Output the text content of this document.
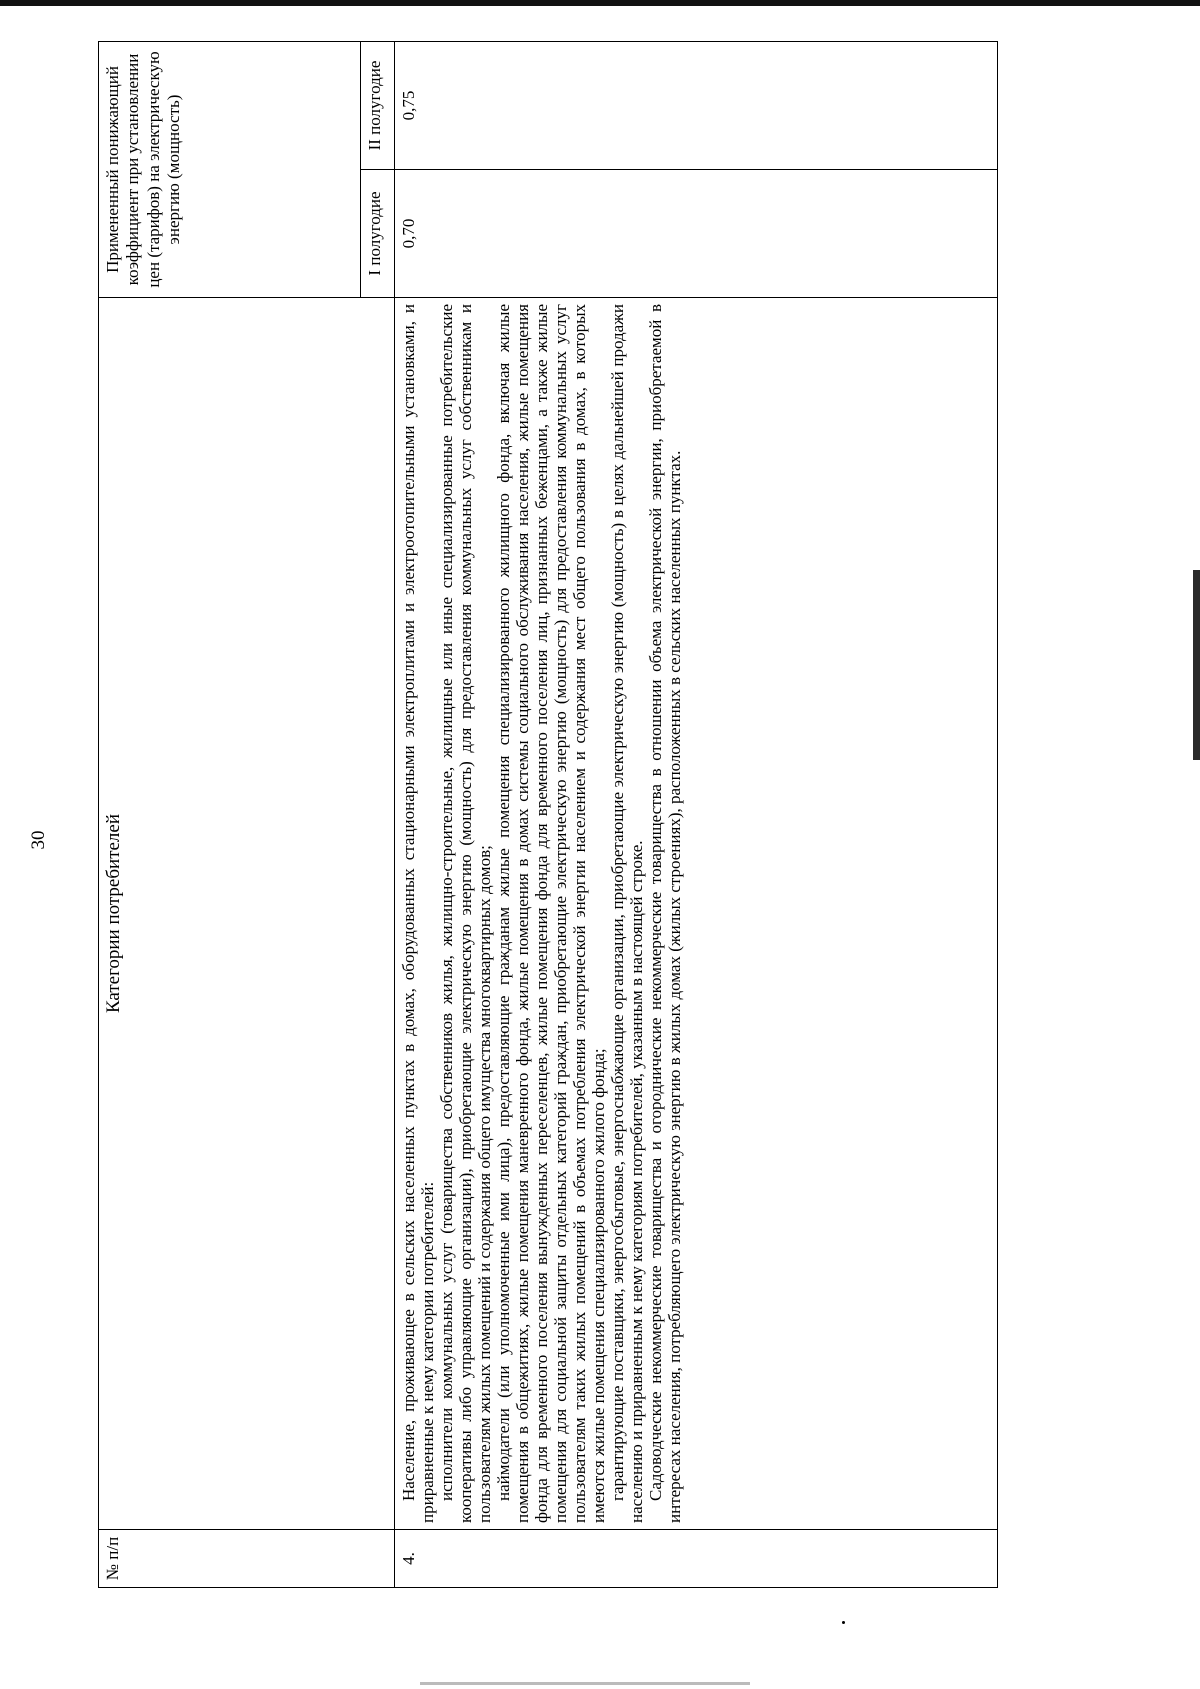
30
№ п/п	Категории потребителей	Примененный понижающий коэффициент при установлении цен (тарифов) на электрическую энергию (мощность)	
		I полугодие	II полугодие
4.	Население, проживающее в сельских населенных пунктах в домах, оборудованных стационарными электроплитами и электроотопительными установками, и приравненные к нему категории потребителей: исполнители коммунальных услуг (товарищества собственников жилья, жилищно-строительные, жилищные или иные специализированные потребительские кооперативы либо управляющие организации), приобретающие электрическую энергию (мощность) для предоставления коммунальных услуг собственникам и пользователям жилых помещений и содержания общего имущества многоквартирных домов; наймодатели (или уполномоченные ими лица), предоставляющие гражданам жилые помещения специализированного жилищного фонда, включая жилые помещения в общежитиях, жилые помещения маневренного фонда, жилые помещения в домах системы социального обслуживания населения, жилые помещения фонда для временного поселения вынужденных переселенцев, жилые помещения фонда для временного поселения лиц, признанных беженцами, а также жилые помещения для социальной защиты отдельных категорий граждан, приобретающие электрическую энергию (мощность) для предоставления коммунальных услуг пользователям таких жилых помещений в объемах потребления электрической энергии населением и содержания мест общего пользования в домах, в которых имеются жилые помещения специализированного жилого фонда; гарантирующие поставщики, энергосбытовые, энергоснабжающие организации, приобретающие электрическую энергию (мощность) в целях дальнейшей продажи населению и приравненным к нему категориям потребителей, указанным в настоящей строке. Садоводческие некоммерческие товарищества и огороднические некоммерческие товарищества в отношении объема электрической энергии, приобретаемой в интересах населения, потребляющего электрическую энергию в жилых домах (жилых строениях), расположенных в сельских населенных пунктах.	0,70	0,75
